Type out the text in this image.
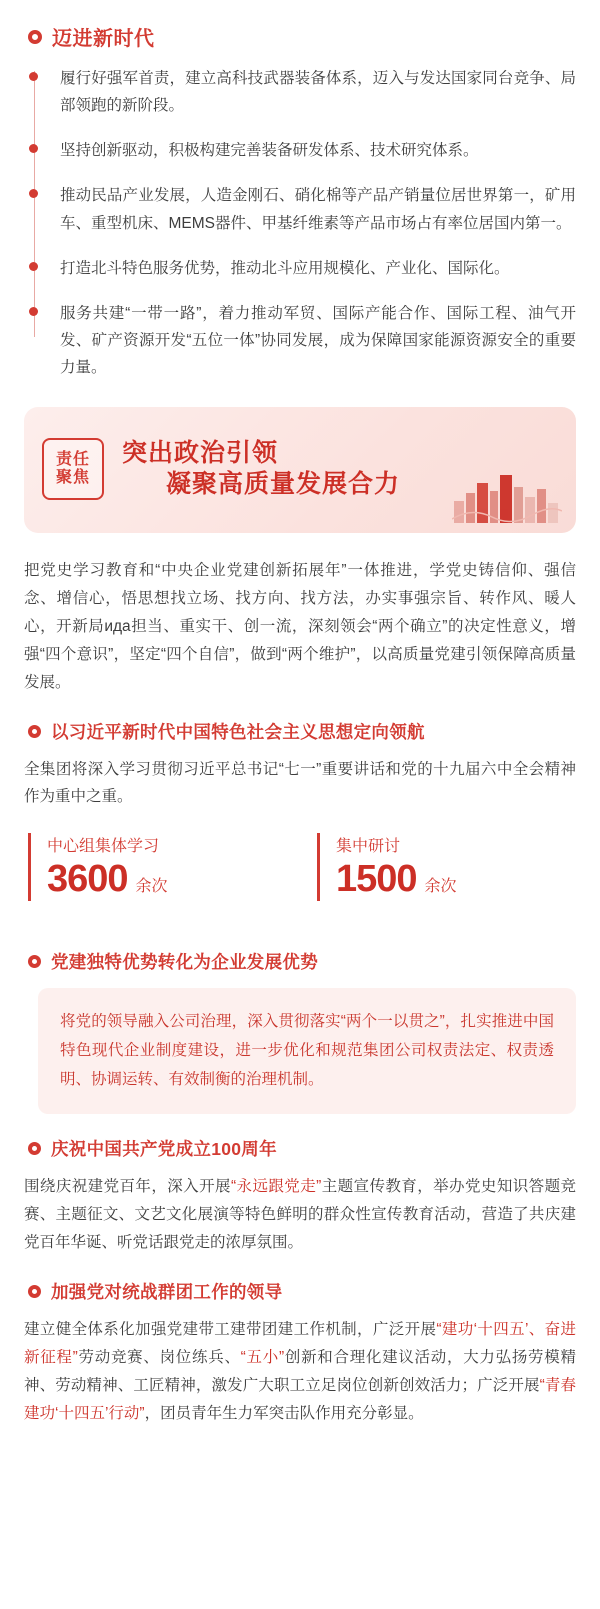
迈进新时代
履行好强军首责，建立高科技武器装备体系，迈入与发达国家同台竞争、局部领跑的新阶段。
坚持创新驱动，积极构建完善装备研发体系、技术研究体系。
推动民品产业发展，人造金刚石、硝化棉等产品产销量位居世界第一，矿用车、重型机床、MEMS器件、甲基纤维素等产品市场占有率位居国内第一。
打造北斗特色服务优势，推动北斗应用规模化、产业化、国际化。
服务共建“一带一路”，着力推动军贸、国际产能合作、国际工程、油气开发、矿产资源开发“五位一体”协同发展，成为保障国家能源资源安全的重要力量。
责任
聚焦
突出政治引领
凝聚高质量发展合力

把党史学习教育和“中央企业党建创新拓展年”一体推进，学党史铸信仰、强信念、增信心，悟思想找立场、找方向、找方法，办实事强宗旨、转作风、暖人心，开新局ида担当、重实干、创一流，深刻领会“两个确立”的决定性意义，增强“四个意识”，坚定“四个自信”，做到“两个维护”，以高质量党建引领保障高质量发展。

以习近平新时代中国特色社会主义思想定向领航

全集团将深入学习贯彻习近平总书记“七一”重要讲话和党的十九届六中全会精神作为重中之重。

中心组集体学习
3600 余次
集中研讨
1500 余次
党建独特优势转化为企业发展优势
将党的领导融入公司治理，深入贯彻落实“两个一以贯之”，扎实推进中国特色现代企业制度建设，进一步优化和规范集团公司权责法定、权责透明、协调运转、有效制衡的治理机制。
庆祝中国共产党成立100周年

围绕庆祝建党百年，深入开展“永远跟党走”主题宣传教育，举办党史知识答题竞赛、主题征文、文艺文化展演等特色鲜明的群众性宣传教育活动，营造了共庆建党百年华诞、听党话跟党走的浓厚氛围。

加强党对统战群团工作的领导

建立健全体系化加强党建带工建带团建工作机制，广泛开展“建功‘十四五’、奋进新征程”劳动竞赛、岗位练兵、“五小”创新和合理化建议活动，大力弘扬劳模精神、劳动精神、工匠精神，激发广大职工立足岗位创新创效活力；广泛开展“青春建功‘十四五’行动”，团员青年生力军突击队作用充分彰显。
